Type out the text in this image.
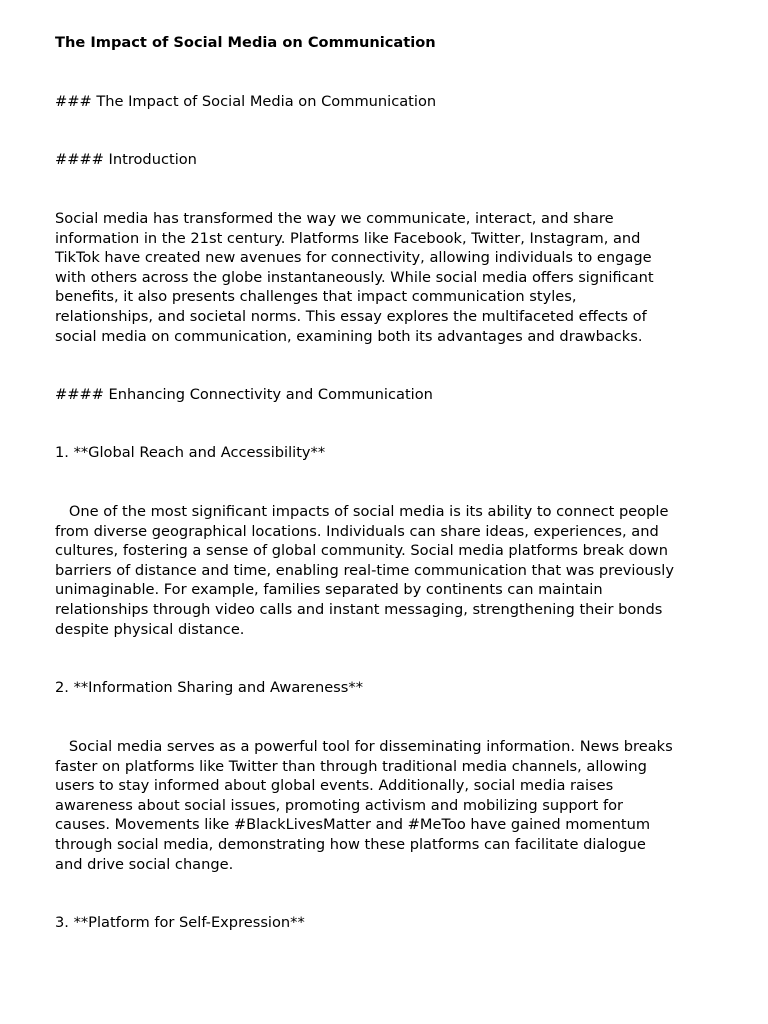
The Impact of Social Media on Communication
### The Impact of Social Media on Communication
#### Introduction
Social media has transformed the way we communicate, interact, and share
information in the 21st century. Platforms like Facebook, Twitter, Instagram, and
TikTok have created new avenues for connectivity, allowing individuals to engage
with others across the globe instantaneously. While social media offers significant
benefits, it also presents challenges that impact communication styles,
relationships, and societal norms. This essay explores the multifaceted effects of
social media on communication, examining both its advantages and drawbacks.
#### Enhancing Connectivity and Communication
1. **Global Reach and Accessibility**
One of the most significant impacts of social media is its ability to connect people
from diverse geographical locations. Individuals can share ideas, experiences, and
cultures, fostering a sense of global community. Social media platforms break down
barriers of distance and time, enabling real-time communication that was previously
unimaginable. For example, families separated by continents can maintain
relationships through video calls and instant messaging, strengthening their bonds
despite physical distance.
2. **Information Sharing and Awareness**
Social media serves as a powerful tool for disseminating information. News breaks
faster on platforms like Twitter than through traditional media channels, allowing
users to stay informed about global events. Additionally, social media raises
awareness about social issues, promoting activism and mobilizing support for
causes. Movements like #BlackLivesMatter and #MeToo have gained momentum
through social media, demonstrating how these platforms can facilitate dialogue
and drive social change.
3. **Platform for Self-Expression**
